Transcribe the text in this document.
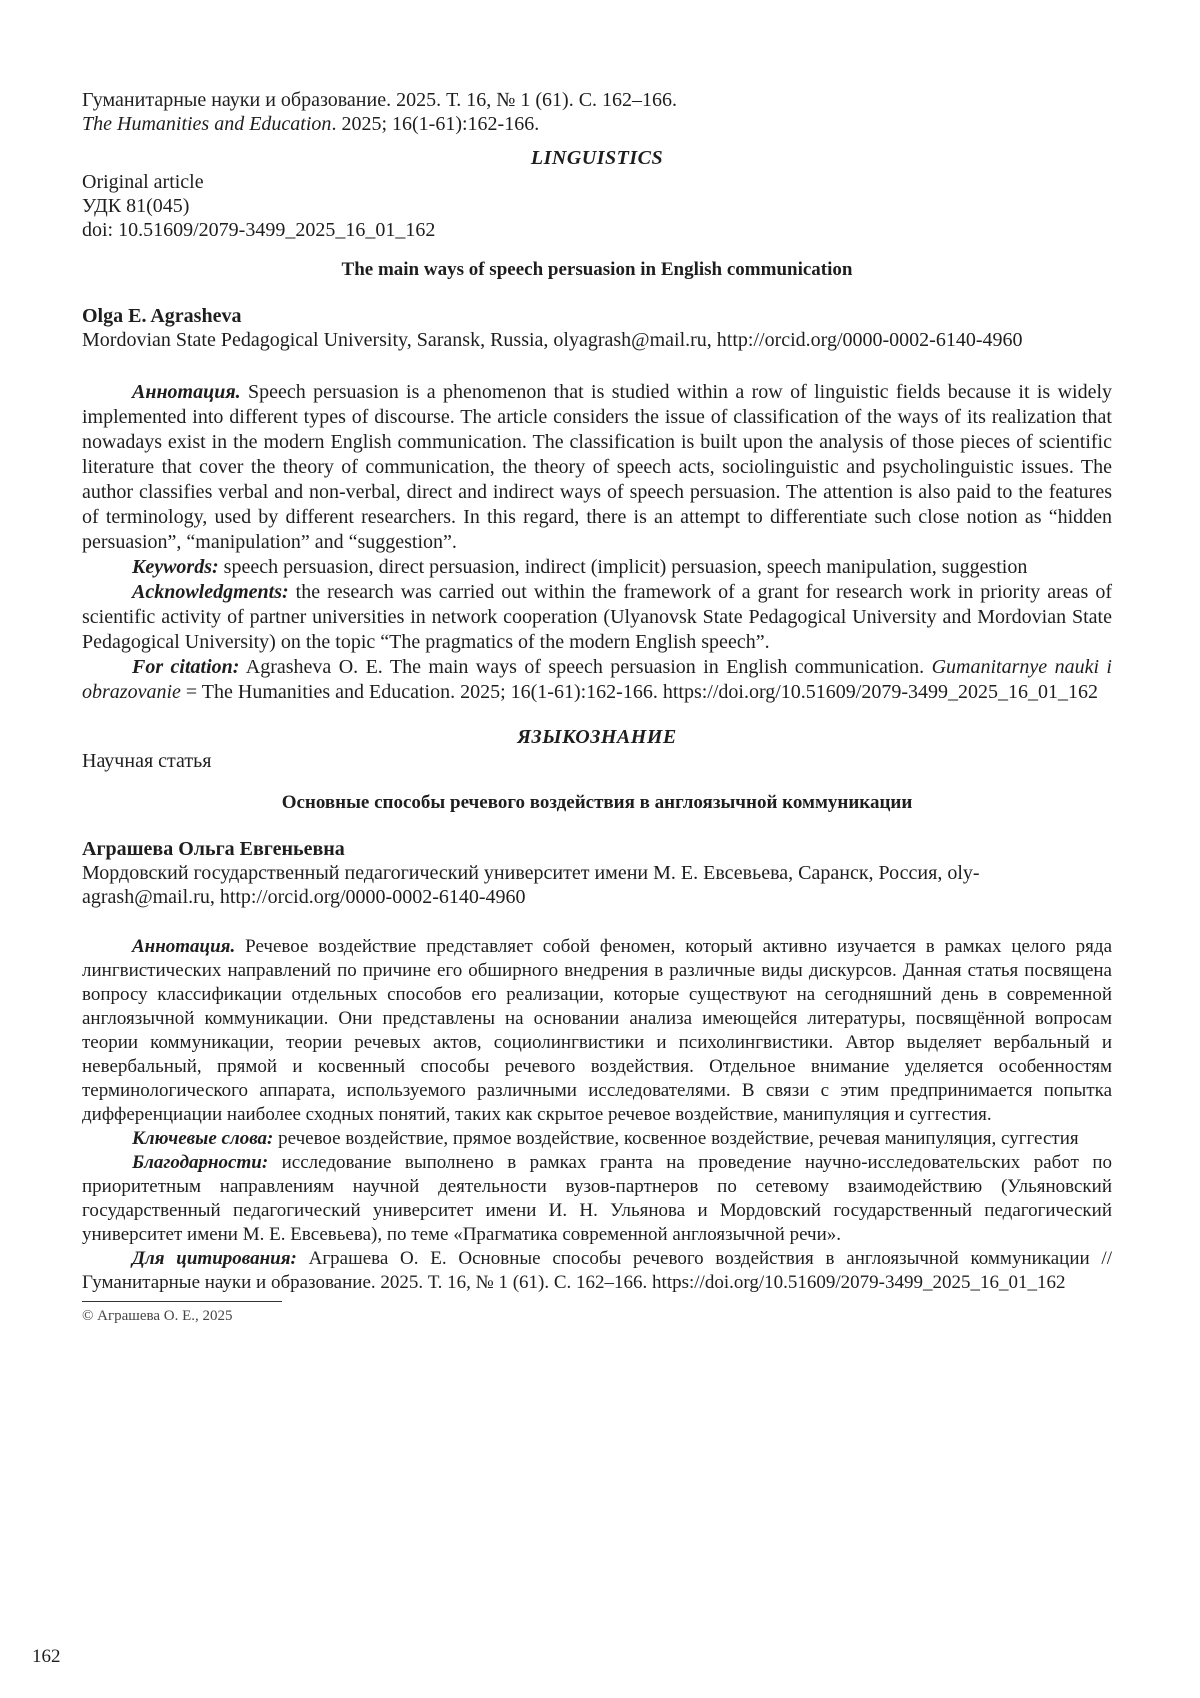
Гуманитарные науки и образование. 2025. Т. 16, № 1 (61). С. 162–166.

The Humanities and Education. 2025; 16(1-61):162-166.

LINGUISTICS

Original article

УДК 81(045)

doi: 10.51609/2079-3499_2025_16_01_162

The main ways of speech persuasion in English communication

Olga E. Agrasheva

Mordovian State Pedagogical University, Saransk, Russia, olyagrash@mail.ru, http://orcid.org/0000-0002-6140-4960

Аннотация. Speech persuasion is a phenomenon that is studied within a row of linguistic fields because it is widely implemented into different types of discourse. The article considers the issue of classification of the ways of its realization that nowadays exist in the modern English communication. The classification is built upon the analysis of those pieces of scientific literature that cover the theory of communication, the theory of speech acts, sociolinguistic and psycholinguistic issues. The author classifies verbal and non-verbal, direct and indirect ways of speech persuasion. The attention is also paid to the features of terminology, used by different researchers. In this regard, there is an attempt to differentiate such close notion as “hidden persuasion”, “manipulation” and “suggestion”.

Keywords: speech persuasion, direct persuasion, indirect (implicit) persuasion, speech manipulation, suggestion

Acknowledgments: the research was carried out within the framework of a grant for research work in priority areas of scientific activity of partner universities in network cooperation (Ulyanovsk State Pedagogical University and Mordovian State Pedagogical University) on the topic “The pragmatics of the modern English speech”.

For citation: Agrasheva O. E. The main ways of speech persuasion in English communication. Gumanitarnye nauki i obrazovanie = The Humanities and Education. 2025; 16(1-61):162-166. https://doi.org/10.51609/2079-3499_2025_16_01_162

ЯЗЫКОЗНАНИЕ

Научная статья

Основные способы речевого воздействия в англоязычной коммуникации

Аграшева Ольга Евгеньевна

Мордовский государственный педагогический университет имени М. Е. Евсевьева, Саранск, Россия, oly-agrash@mail.ru, http://orcid.org/0000-0002-6140-4960

Аннотация. Речевое воздействие представляет собой феномен, который активно изучается в рамках целого ряда лингвистических направлений по причине его обширного внедрения в различные виды дискурсов. Данная статья посвящена вопросу классификации отдельных способов его реализации, которые существуют на сегодняшний день в современной англоязычной коммуникации. Они представлены на основании анализа имеющейся литературы, посвящённой вопросам теории коммуникации, теории речевых актов, социолингвистики и психолингвистики. Автор выделяет вербальный и невербальный, прямой и косвенный способы речевого воздействия. Отдельное внимание уделяется особенностям терминологического аппарата, используемого различными исследователями. В связи с этим предпринимается попытка дифференциации наиболее сходных понятий, таких как скрытое речевое воздействие, манипуляция и суггестия.

Ключевые слова: речевое воздействие, прямое воздействие, косвенное воздействие, речевая манипуляция, суггестия

Благодарности: исследование выполнено в рамках гранта на проведение научно-исследовательских работ по приоритетным направлениям научной деятельности вузов-партнеров по сетевому взаимодействию (Ульяновский государственный педагогический университет имени И. Н. Ульянова и Мордовский государственный педагогический университет имени М. Е. Евсевьева), по теме «Прагматика современной англоязычной речи».

Для цитирования: Аграшева О. Е. Основные способы речевого воздействия в англоязычной коммуникации // Гуманитарные науки и образование. 2025. Т. 16, № 1 (61). С. 162–166. https://doi.org/10.51609/2079-3499_2025_16_01_162

© Аграшева О. Е., 2025

162
